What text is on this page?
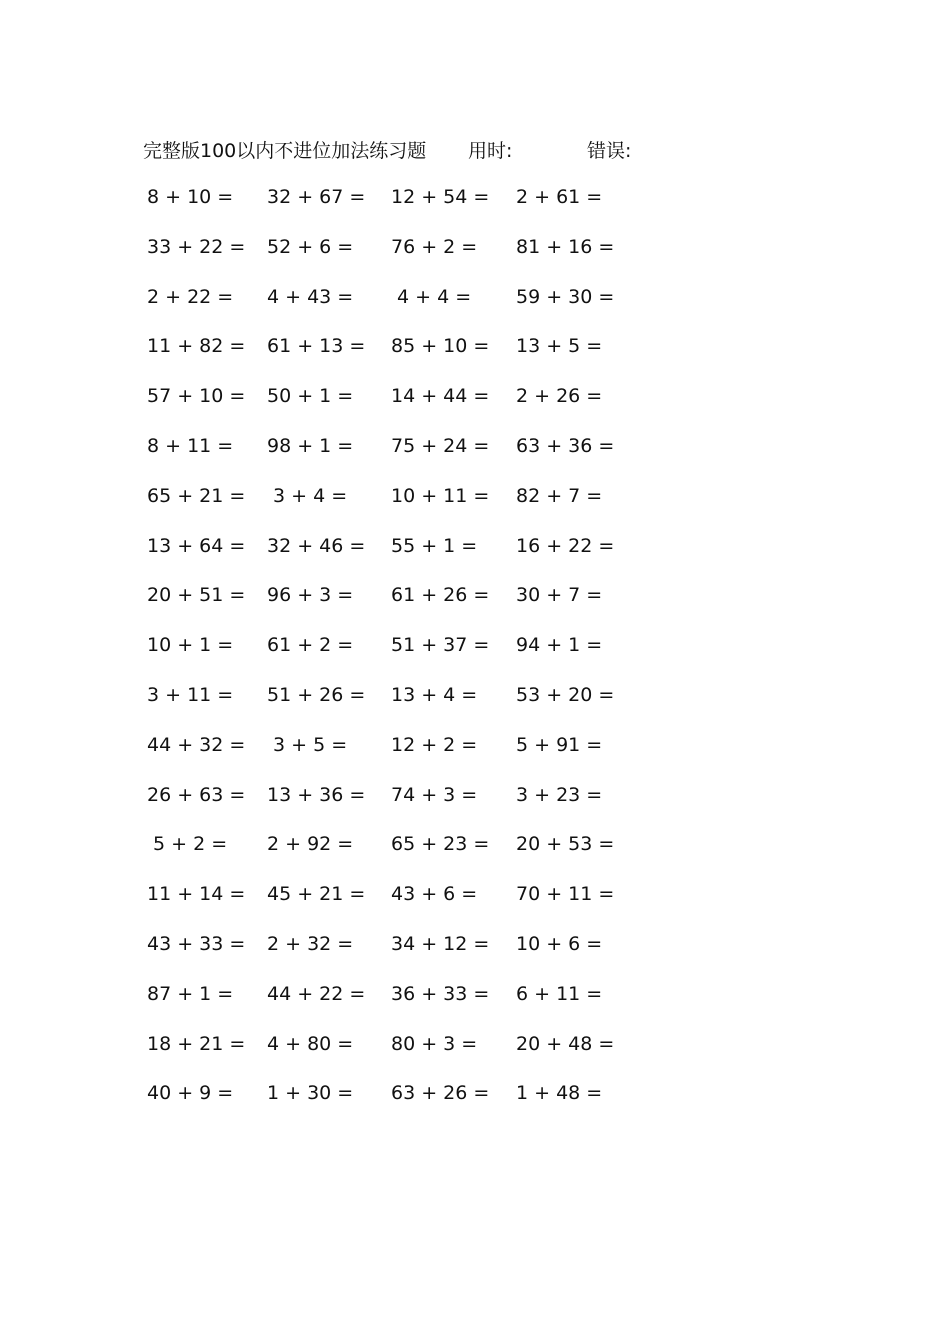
完整版100以内不进位加法练习题 用时:	错误:
8 + 10 = 32 + 67 = 12 + 54 = 2 + 61 =
33 + 22 = 52 + 6 = 76 + 2 = 81 + 16 =
2 + 22 = 4 + 43 = 4 + 4 = 59 + 30 =
11 + 82 = 61 + 13 = 85 + 10 = 13 + 5 =
57 + 10 = 50 + 1 = 14 + 44 = 2 + 26 =
8 + 11 = 98 + 1 = 75 + 24 = 63 + 36 =
65 + 21 = 3 + 4 = 10 + 11 = 82 + 7 =
13 + 64 = 32 + 46 = 55 + 1 = 16 + 22 =
20 + 51 = 96 + 3 = 61 + 26 = 30 + 7 =
10 + 1 = 61 + 2 = 51 + 37 = 94 + 1 =
3 + 11 = 51 + 26 = 13 + 4 = 53 + 20 =
44 + 32 = 3 + 5 = 12 + 2 = 5 + 91 =
26 + 63 = 13 + 36 = 74 + 3 = 3 + 23 =
5 + 2 = 2 + 92 = 65 + 23 = 20 + 53 =
11 + 14 = 45 + 21 = 43 + 6 = 70 + 11 =
43 + 33 = 2 + 32 = 34 + 12 = 10 + 6 =
87 + 1 = 44 + 22 = 36 + 33 = 6 + 11 =
18 + 21 = 4 + 80 = 80 + 3 = 20 + 48 =
40 + 9 = 1 + 30 = 63 + 26 = 1 + 48 =
